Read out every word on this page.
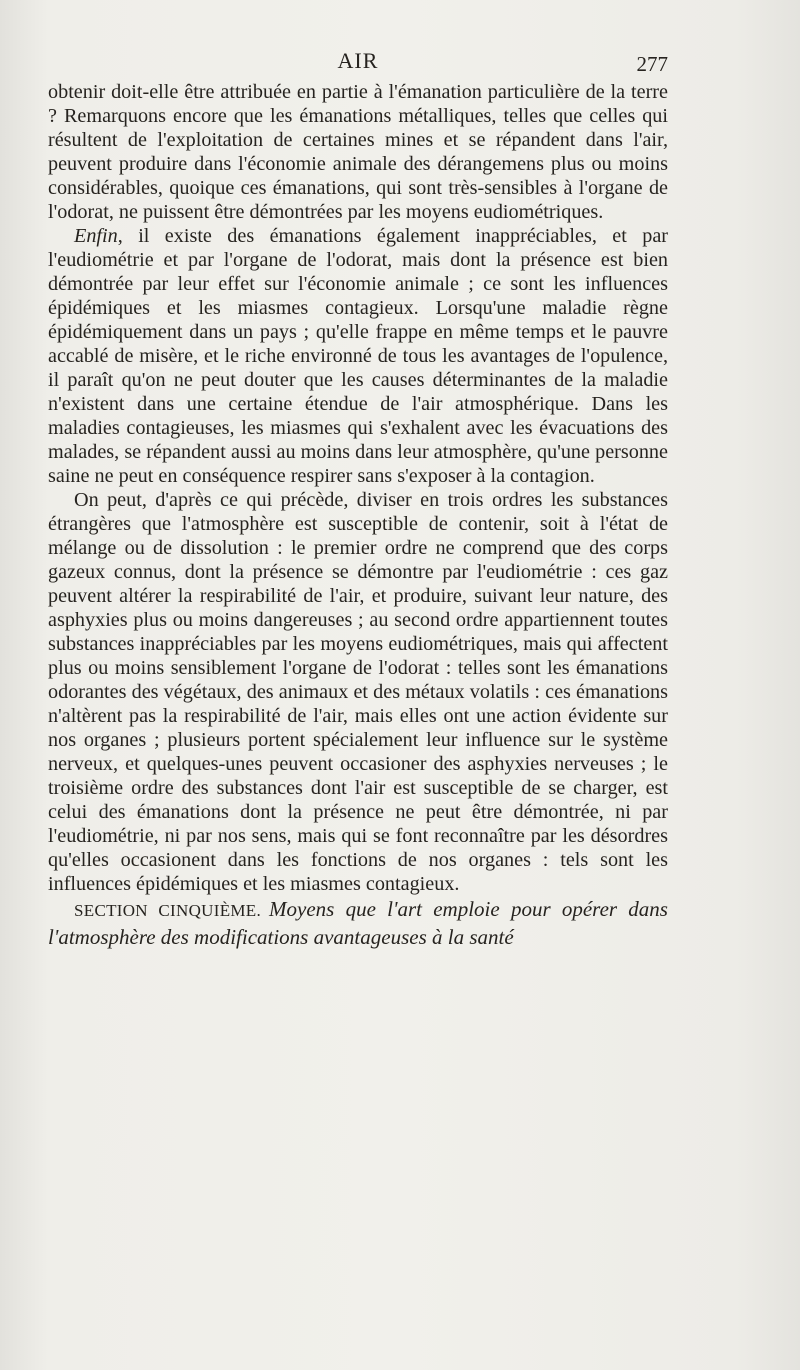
AIR	277

obtenir doit-elle être attribuée en partie à l'émanation particulière de la terre ? Remarquons encore que les émanations métalliques, telles que celles qui résultent de l'exploitation de certaines mines et se répandent dans l'air, peuvent produire dans l'économie animale des dérangemens plus ou moins considérables, quoique ces émanations, qui sont très-sensibles à l'organe de l'odorat, ne puissent être démontrées par les moyens eudiométriques.

Enfin, il existe des émanations également inappréciables, et par l'eudiométrie et par l'organe de l'odorat, mais dont la présence est bien démontrée par leur effet sur l'économie animale ; ce sont les influences épidémiques et les miasmes contagieux. Lorsqu'une maladie règne épidémiquement dans un pays ; qu'elle frappe en même temps et le pauvre accablé de misère, et le riche environné de tous les avantages de l'opulence, il paraît qu'on ne peut douter que les causes déterminantes de la maladie n'existent dans une certaine étendue de l'air atmosphérique. Dans les maladies contagieuses, les miasmes qui s'exhalent avec les évacuations des malades, se répandent aussi au moins dans leur atmosphère, qu'une personne saine ne peut en conséquence respirer sans s'exposer à la contagion.

On peut, d'après ce qui précède, diviser en trois ordres les substances étrangères que l'atmosphère est susceptible de contenir, soit à l'état de mélange ou de dissolution : le premier ordre ne comprend que des corps gazeux connus, dont la présence se démontre par l'eudiométrie : ces gaz peuvent altérer la respirabilité de l'air, et produire, suivant leur nature, des asphyxies plus ou moins dangereuses ; au second ordre appartiennent toutes substances inappréciables par les moyens eudiométriques, mais qui affectent plus ou moins sensiblement l'organe de l'odorat : telles sont les émanations odorantes des végétaux, des animaux et des métaux volatils : ces émanations n'altèrent pas la respirabilité de l'air, mais elles ont une action évidente sur nos organes ; plusieurs portent spécialement leur influence sur le système nerveux, et quelques-unes peuvent occasioner des asphyxies nerveuses ; le troisième ordre des substances dont l'air est susceptible de se charger, est celui des émanations dont la présence ne peut être démontrée, ni par l'eudiométrie, ni par nos sens, mais qui se font reconnaître par les désordres qu'elles occasionent dans les fonctions de nos organes : tels sont les influences épidémiques et les miasmes contagieux.

SECTION CINQUIÈME. Moyens que l'art emploie pour opérer dans l'atmosphère des modifications avantageuses à la santé
